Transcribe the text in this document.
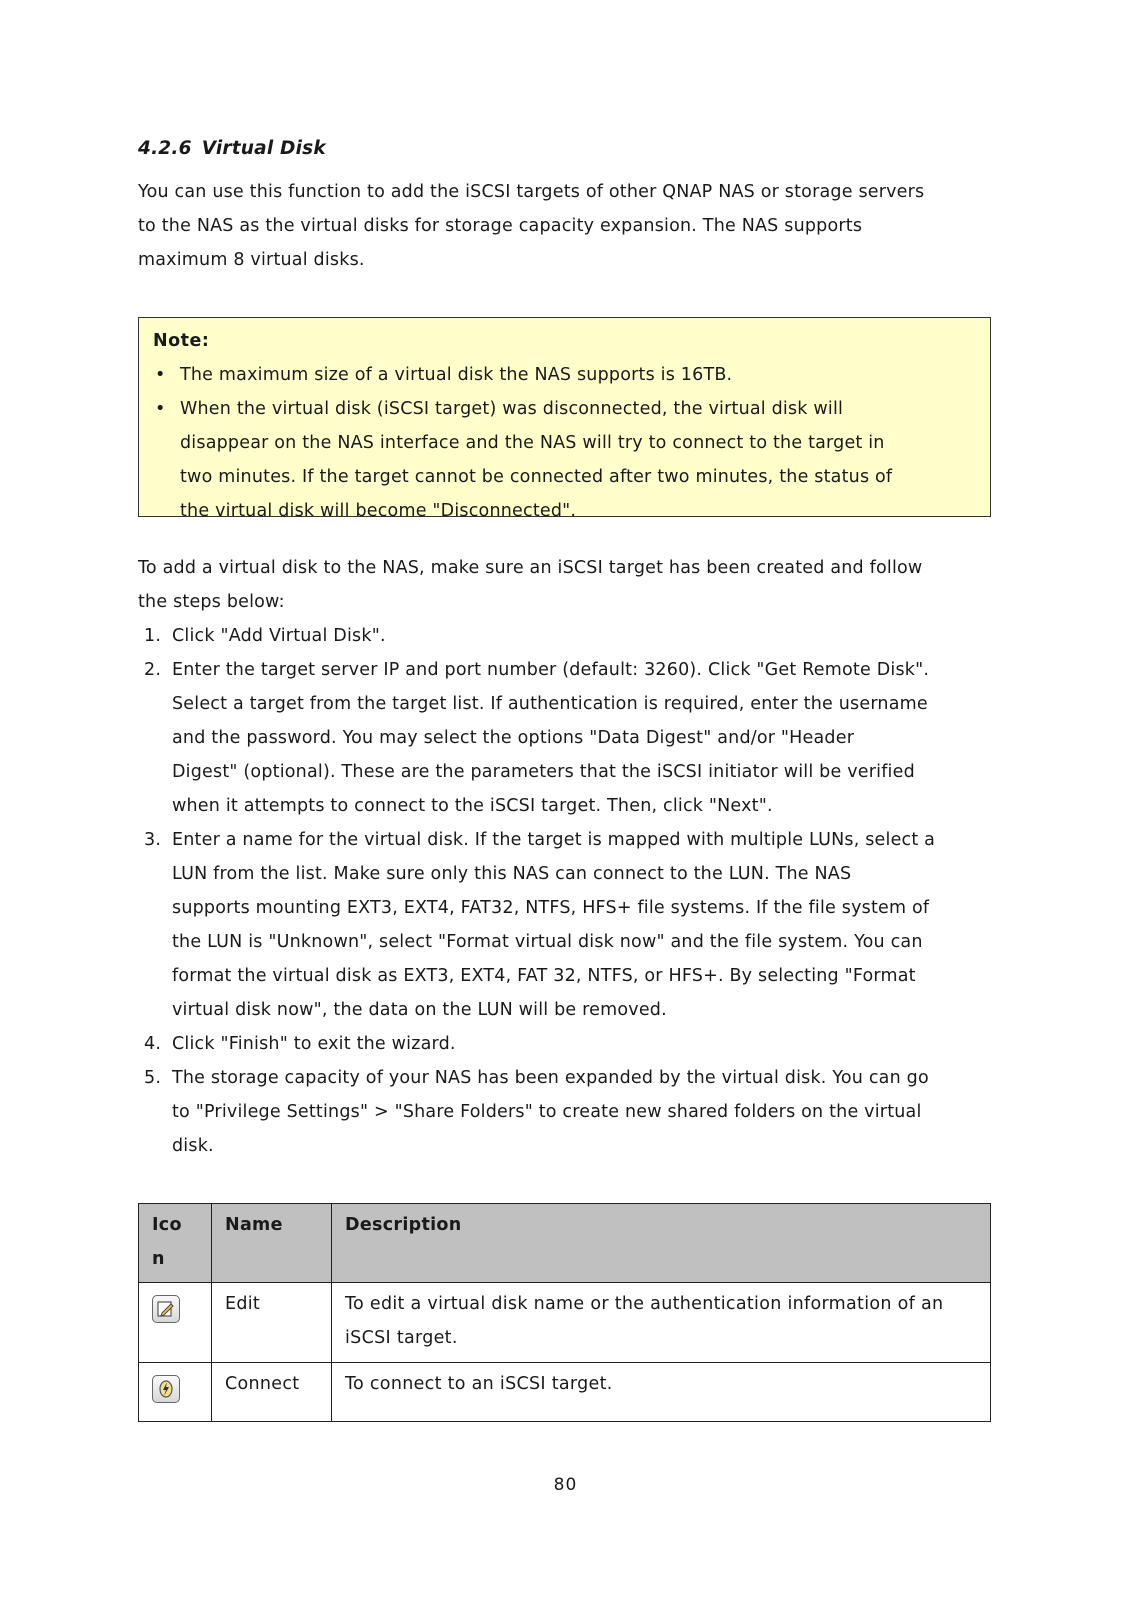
4.2.6 Virtual Disk

You can use this function to add the iSCSI targets of other QNAP NAS or storage servers
to the NAS as the virtual disks for storage capacity expansion. The NAS supports
maximum 8 virtual disks.

Note:
• The maximum size of a virtual disk the NAS supports is 16TB.
• When the virtual disk (iSCSI target) was disconnected, the virtual disk will
disappear on the NAS interface and the NAS will try to connect to the target in
two minutes. If the target cannot be connected after two minutes, the status of
the virtual disk will become "Disconnected".

To add a virtual disk to the NAS, make sure an iSCSI target has been created and follow
the steps below:

1. Click "Add Virtual Disk".
2. Enter the target server IP and port number (default: 3260). Click "Get Remote Disk".
Select a target from the target list. If authentication is required, enter the username
and the password. You may select the options "Data Digest" and/or "Header
Digest" (optional). These are the parameters that the iSCSI initiator will be verified
when it attempts to connect to the iSCSI target. Then, click "Next".
3. Enter a name for the virtual disk. If the target is mapped with multiple LUNs, select a
LUN from the list. Make sure only this NAS can connect to the LUN. The NAS
supports mounting EXT3, EXT4, FAT32, NTFS, HFS+ file systems. If the file system of
the LUN is "Unknown", select "Format virtual disk now" and the file system. You can
format the virtual disk as EXT3, EXT4, FAT 32, NTFS, or HFS+. By selecting "Format
virtual disk now", the data on the LUN will be removed.
4. Click "Finish" to exit the wizard.
5. The storage capacity of your NAS has been expanded by the virtual disk. You can go
to "Privilege Settings" > "Share Folders" to create new shared folders on the virtual
disk.
Icon	Name	Description

	Edit	To edit a virtual disk name or the authentication information of an iSCSI target.

	Connect	To connect to an iSCSI target.
80
